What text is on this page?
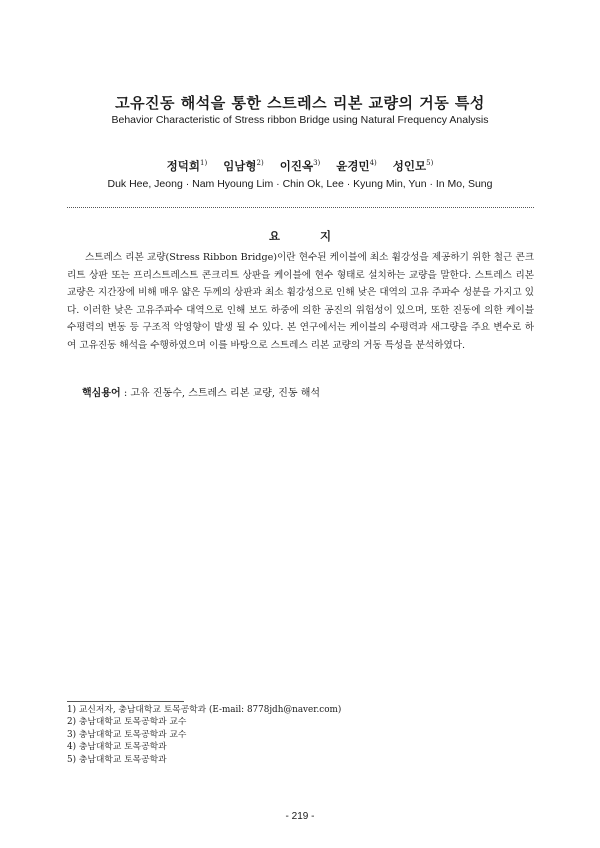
고유진동 해석을 통한 스트레스 리본 교량의 거동 특성
Behavior Characteristic of Stress ribbon Bridge using Natural Frequency Analysis
정덕희$^{1)}$ 임남형$^{2)}$ 이진옥$^{3)}$ 윤경민$^{4)}$ 성인모$^{5)}$
Duk Hee, Jeong · Nam Hyoung Lim · Chin Ok, Lee · Kyung Min, Yun · In Mo, Sung
요 지

스트레스 리본 교량(Stress Ribbon Bridge)이란 현수된 케이블에 최소 휨강성을 제공하기 위한 철근 콘크리트 상판 또는 프리스트레스트 콘크리트 상판을 케이블에 현수 형태로 설치하는 교량을 말한다. 스트레스 리본 교량은 지간장에 비해 매우 얇은 두께의 상판과 최소 휨강성으로 인해 낮은 대역의 고유 주파수 성분을 가지고 있다. 이러한 낮은 고유주파수 대역으로 인해 보도 하중에 의한 공진의 위험성이 있으며, 또한 진동에 의한 케이블 수평력의 변동 등 구조적 악영향이 발생 될 수 있다. 본 연구에서는 케이블의 수평력과 새그량을 주요 변수로 하여 고유진동 해석을 수행하였으며 이를 바탕으로 스트레스 리본 교량의 거동 특성을 분석하였다.

핵심용어 : 고유 진동수, 스트레스 리본 교량, 진동 해석
1) 교신저자, 충남대학교 토목공학과 (E-mail: 8778jdh@naver.com)
2) 충남대학교 토목공학과 교수
3) 충남대학교 토목공학과 교수
4) 충남대학교 토목공학과
5) 충남대학교 토목공학과
- 219 -
